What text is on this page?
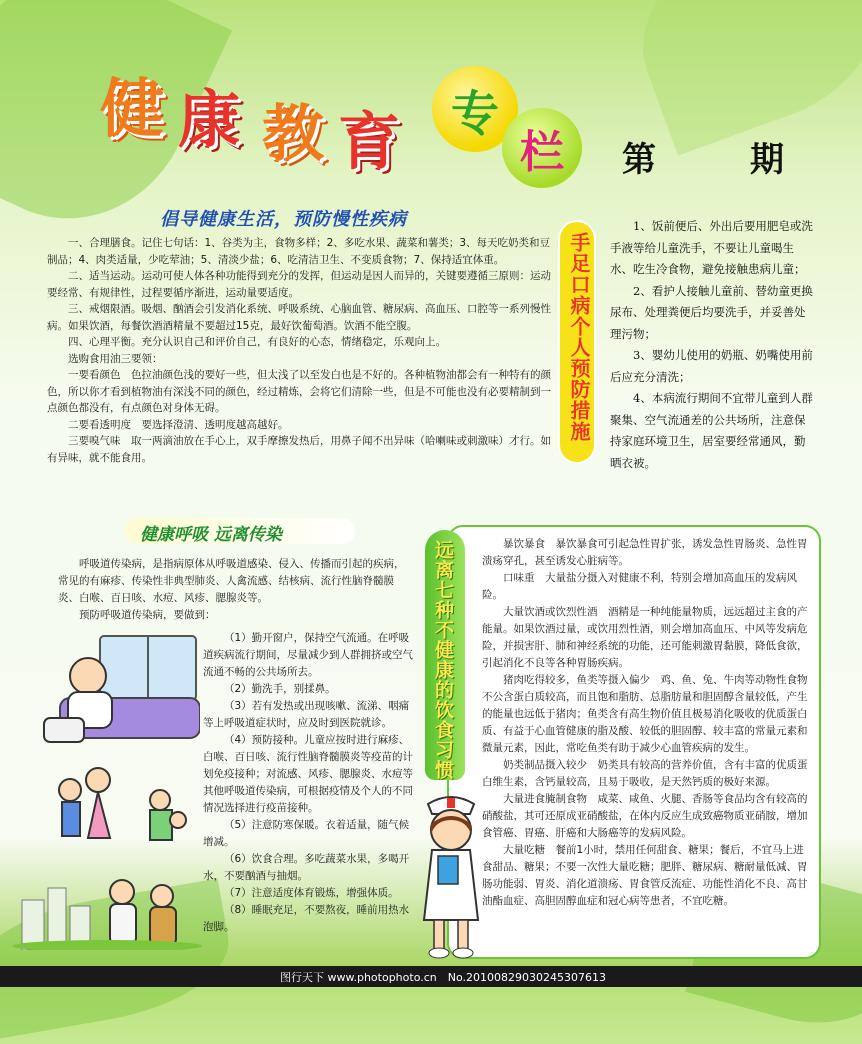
健 康 教 育 专
栏 第　期
倡导健康生活，预防慢性疾病

一、合理膳食。记住七句话：1、谷类为主，食物多样；2、多吃水果、蔬菜和薯类；3、每天吃奶类和豆制品；4、肉类适量，少吃荤油；5、清淡少盐；6、吃清洁卫生、不变质食物；7、保持适宜体重。

二、适当运动。运动可使人体各种功能得到充分的发挥，但运动是因人而异的，关键要遵循三原则：运动要经常、有规律性，过程要循序渐进，运动量要适度。

三、戒烟限酒。吸烟、酗酒会引发消化系统、呼吸系统、心脑血管、糖尿病、高血压、口腔等一系列慢性病。如果饮酒，每餐饮酒酒精量不要超过15克，最好饮葡萄酒。饮酒不能空腹。

四、心理平衡。充分认识自己和评价自己，有良好的心态，情绪稳定，乐观向上。

选购食用油三要领：

一要看颜色　色拉油颜色浅的要好一些，但太浅了以至发白也是不好的。各种植物油都会有一种特有的颜色，所以你才看到植物油有深浅不同的颜色，经过精炼，会将它们清除一些，但是不可能也没有必要精制到一点颜色都没有，有点颜色对身体无碍。

二要看透明度　要选择澄清、透明度越高越好。

三要嗅气味　取一两滴油放在手心上，双手摩擦发热后，用鼻子闻不出异味（哈喇味或刺激味）才行。如有异味，就不能食用。

手足口病个人预防措施

1、饭前便后、外出后要用肥皂或洗手液等给儿童洗手，不要让儿童喝生水、吃生冷食物，避免接触患病儿童；

2、看护人接触儿童前、替幼童更换尿布、处理粪便后均要洗手，并妥善处理污物；

3、婴幼儿使用的奶瓶、奶嘴使用前后应充分清洗；

4、本病流行期间不宜带儿童到人群聚集、空气流通差的公共场所，注意保持家庭环境卫生，居室要经常通风，勤晒衣被。

健康呼吸 远离传染

呼吸道传染病，是指病原体从呼吸道感染、侵入、传播而引起的疾病，常见的有麻疹、传染性非典型肺炎、人禽流感、结核病、流行性脑脊髓膜炎、白喉、百日咳、水痘、风疹、腮腺炎等。

预防呼吸道传染病，要做到：

（1）勤开窗户，保持空气流通。在呼吸道疾病流行期间，尽量减少到人群拥挤或空气流通不畅的公共场所去。

（2）勤洗手，别揉鼻。

（3）若有发热或出现咳嗽、流涕、咽痛等上呼吸道症状时，应及时到医院就诊。

（4）预防接种。儿童应按时进行麻疹、白喉、百日咳、流行性脑脊髓膜炎等疫苗的计划免疫接种；对流感、风疹、腮腺炎、水痘等其他呼吸道传染病，可根据疫情及个人的不同情况选择进行疫苗接种。

（5）注意防寒保暖。衣着适量，随气候增减。

（6）饮食合理。多吃蔬菜水果，多喝开水，不要酗酒与抽烟。

（7）注意适度体育锻炼，增强体质。

（8）睡眠充足，不要熬夜，睡前用热水泡脚。

远离七种不健康的饮食习惯	暴饮暴食　暴饮暴食可引起急性胃扩张，诱发急性胃肠炎、急性胃溃疡穿孔，甚至诱发心脏病等。

口味重　大量盐分摄入对健康不利，特别会增加高血压的发病风险。

大量饮酒或饮烈性酒　酒精是一种纯能量物质，远远超过主食的产能量。如果饮酒过量，或饮用烈性酒，则会增加高血压、中风等发病危险，并损害肝、肺和神经系统的功能，还可能刺激胃黏膜，降低食欲，引起消化不良等各种胃肠疾病。

猪肉吃得较多，鱼类等摄入偏少　鸡、鱼、兔、牛肉等动物性食物不公含蛋白质较高，而且饱和脂肪、总脂肪量和胆固醇含量较低，产生的能量也远低于猪肉；鱼类含有高生物价值且极易消化吸收的优质蛋白质、有益于心血管健康的脂及酸、较低的胆固醇、较丰富的常量元素和微量元素，因此，常吃鱼类有助于减少心血管疾病的发生。

奶类制品摄入较少　奶类具有较高的营养价值，含有丰富的优质蛋白维生素，含钙量较高，且易于吸收，是天然钙质的极好来源。

大量进食腌制食物　咸菜、咸鱼、火腿、香肠等食品均含有较高的硝酸盐，其可还原成亚硝酸盐，在体内反应生成致癌物质亚硝胺，增加食管癌、胃癌、肝癌和大肠癌等的发病风险。

大量吃糖　餐前1小时，禁用任何甜食、糖果；餐后，不宜马上进食甜品、糖果；不要一次性大量吃糖；肥胖、糖尿病、糖耐量低减、胃肠功能弱、胃炎、消化道溃疡、胃食管反流症、功能性消化不良、高甘油酯血症、高胆固醇血症和冠心病等患者，不宜吃糖。

图行天下 www.photophoto.cn　No.20100829030245307613
